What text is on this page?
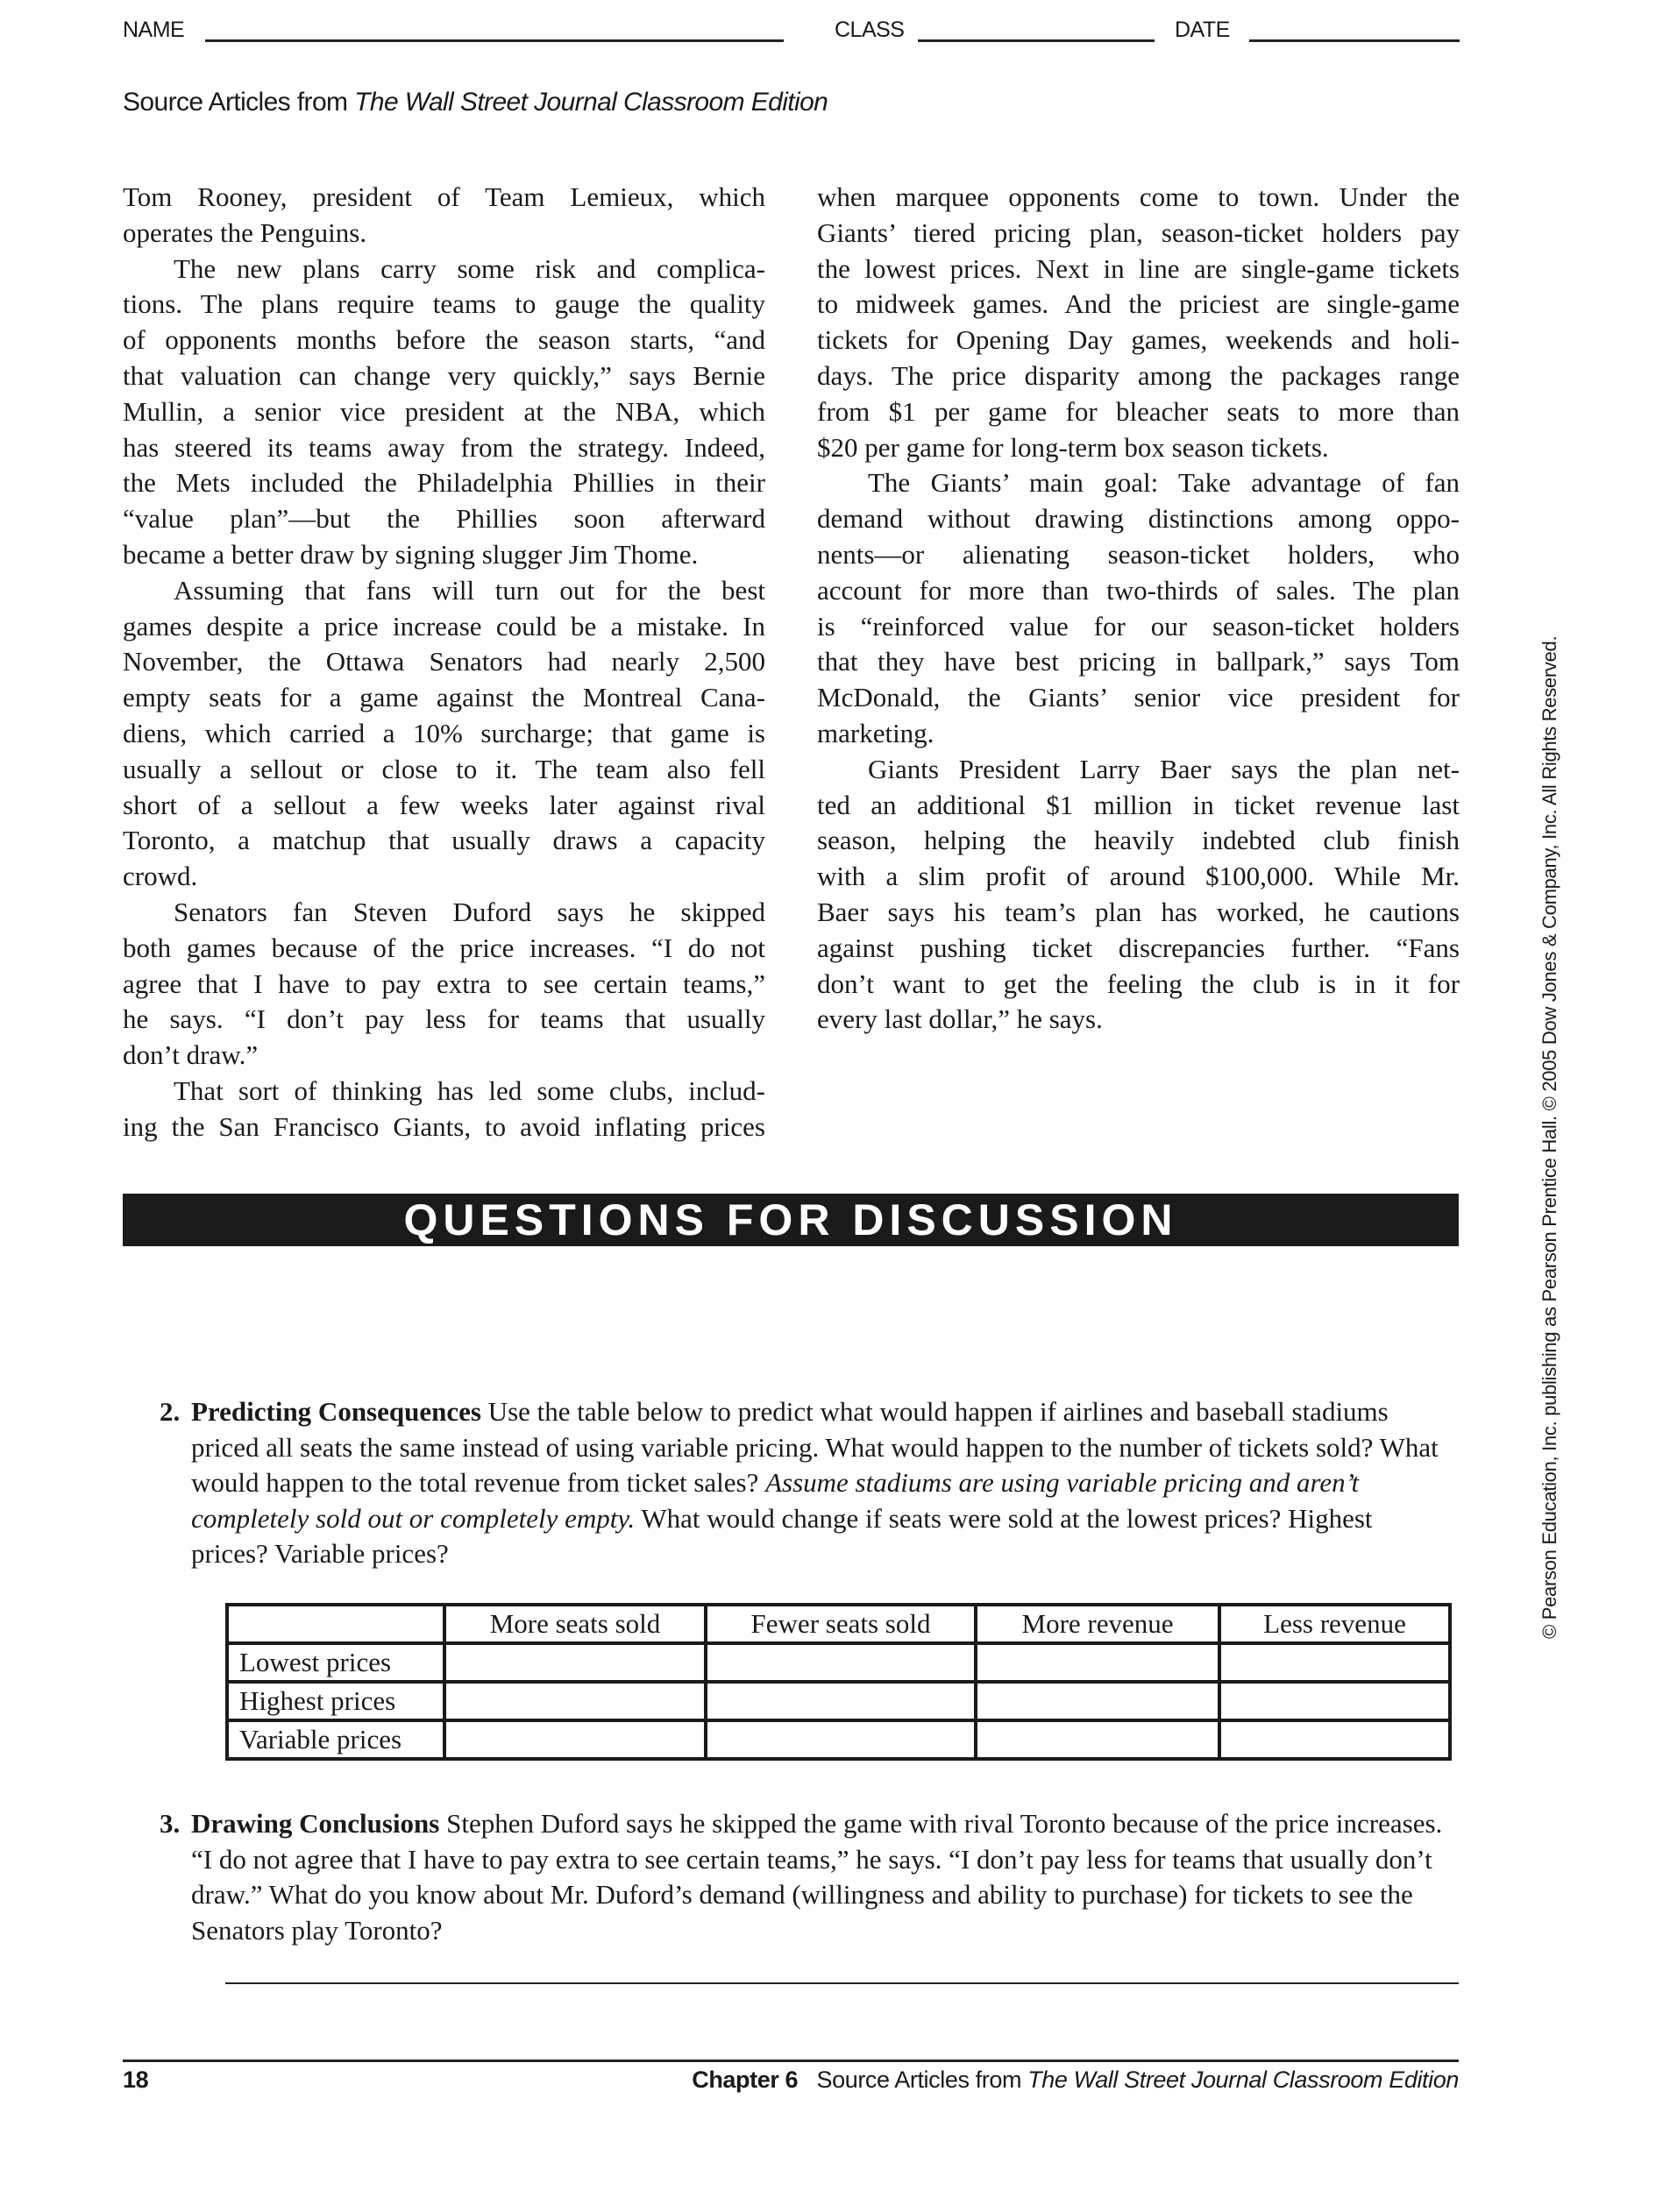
NAME	CLASS	DATE
Source Articles from The Wall Street Journal Classroom Edition
Tom Rooney, president of Team Lemieux, which
operates the Penguins.
The new plans carry some risk and complica-
tions. The plans require teams to gauge the quality
of opponents months before the season starts, “and
that valuation can change very quickly,” says Bernie
Mullin, a senior vice president at the NBA, which
has steered its teams away from the strategy. Indeed,
the Mets included the Philadelphia Phillies in their
“value plan”—but the Phillies soon afterward
became a better draw by signing slugger Jim Thome.
Assuming that fans will turn out for the best
games despite a price increase could be a mistake. In
November, the Ottawa Senators had nearly 2,500
empty seats for a game against the Montreal Cana-
diens, which carried a 10% surcharge; that game is
usually a sellout or close to it. The team also fell
short of a sellout a few weeks later against rival
Toronto, a matchup that usually draws a capacity
crowd.
Senators fan Steven Duford says he skipped
both games because of the price increases. “I do not
agree that I have to pay extra to see certain teams,”
he says. “I don’t pay less for teams that usually
don’t draw.”
That sort of thinking has led some clubs, includ-
ing the San Francisco Giants, to avoid inflating prices
when marquee opponents come to town. Under the
Giants’ tiered pricing plan, season-ticket holders pay
the lowest prices. Next in line are single-game tickets
to midweek games. And the priciest are single-game
tickets for Opening Day games, weekends and holi-
days. The price disparity among the packages range
from $1 per game for bleacher seats to more than
$20 per game for long-term box season tickets.
The Giants’ main goal: Take advantage of fan
demand without drawing distinctions among oppo-
nents—or alienating season-ticket holders, who
account for more than two-thirds of sales. The plan
is “reinforced value for our season-ticket holders
that they have best pricing in ballpark,” says Tom
McDonald, the Giants’ senior vice president for
marketing.
Giants President Larry Baer says the plan net-
ted an additional $1 million in ticket revenue last
season, helping the heavily indebted club finish
with a slim profit of around $100,000. While Mr.
Baer says his team’s plan has worked, he cautions
against pushing ticket discrepancies further. “Fans
don’t want to get the feeling the club is in it for
every last dollar,” he says.
QUESTIONS FOR DISCUSSION
2. Predicting Consequences Use the table below to predict what would happen if airlines and baseball stadiums priced all seats the same instead of using variable pricing. What would happen to the number of tickets sold? What would happen to the total revenue from ticket sales? Assume stadiums are using variable pricing and aren’t completely sold out or completely empty. What would change if seats were sold at the lowest prices? Highest prices? Variable prices?
	More seats sold	Fewer seats sold	More revenue	Less revenue
Lowest prices				
Highest prices				
Variable prices				
3. Drawing Conclusions Stephen Duford says he skipped the game with rival Toronto because of the price increases. “I do not agree that I have to pay extra to see certain teams,” he says. “I don’t pay less for teams that usually don’t draw.” What do you know about Mr. Duford’s demand (willingness and ability to purchase) for tickets to see the Senators play Toronto?
18	Chapter 6 Source Articles from The Wall Street Journal Classroom Edition
© Pearson Education, Inc. publishing as Pearson Prentice Hall. © 2005 Dow Jones & Company, Inc. All Rights Reserved.
